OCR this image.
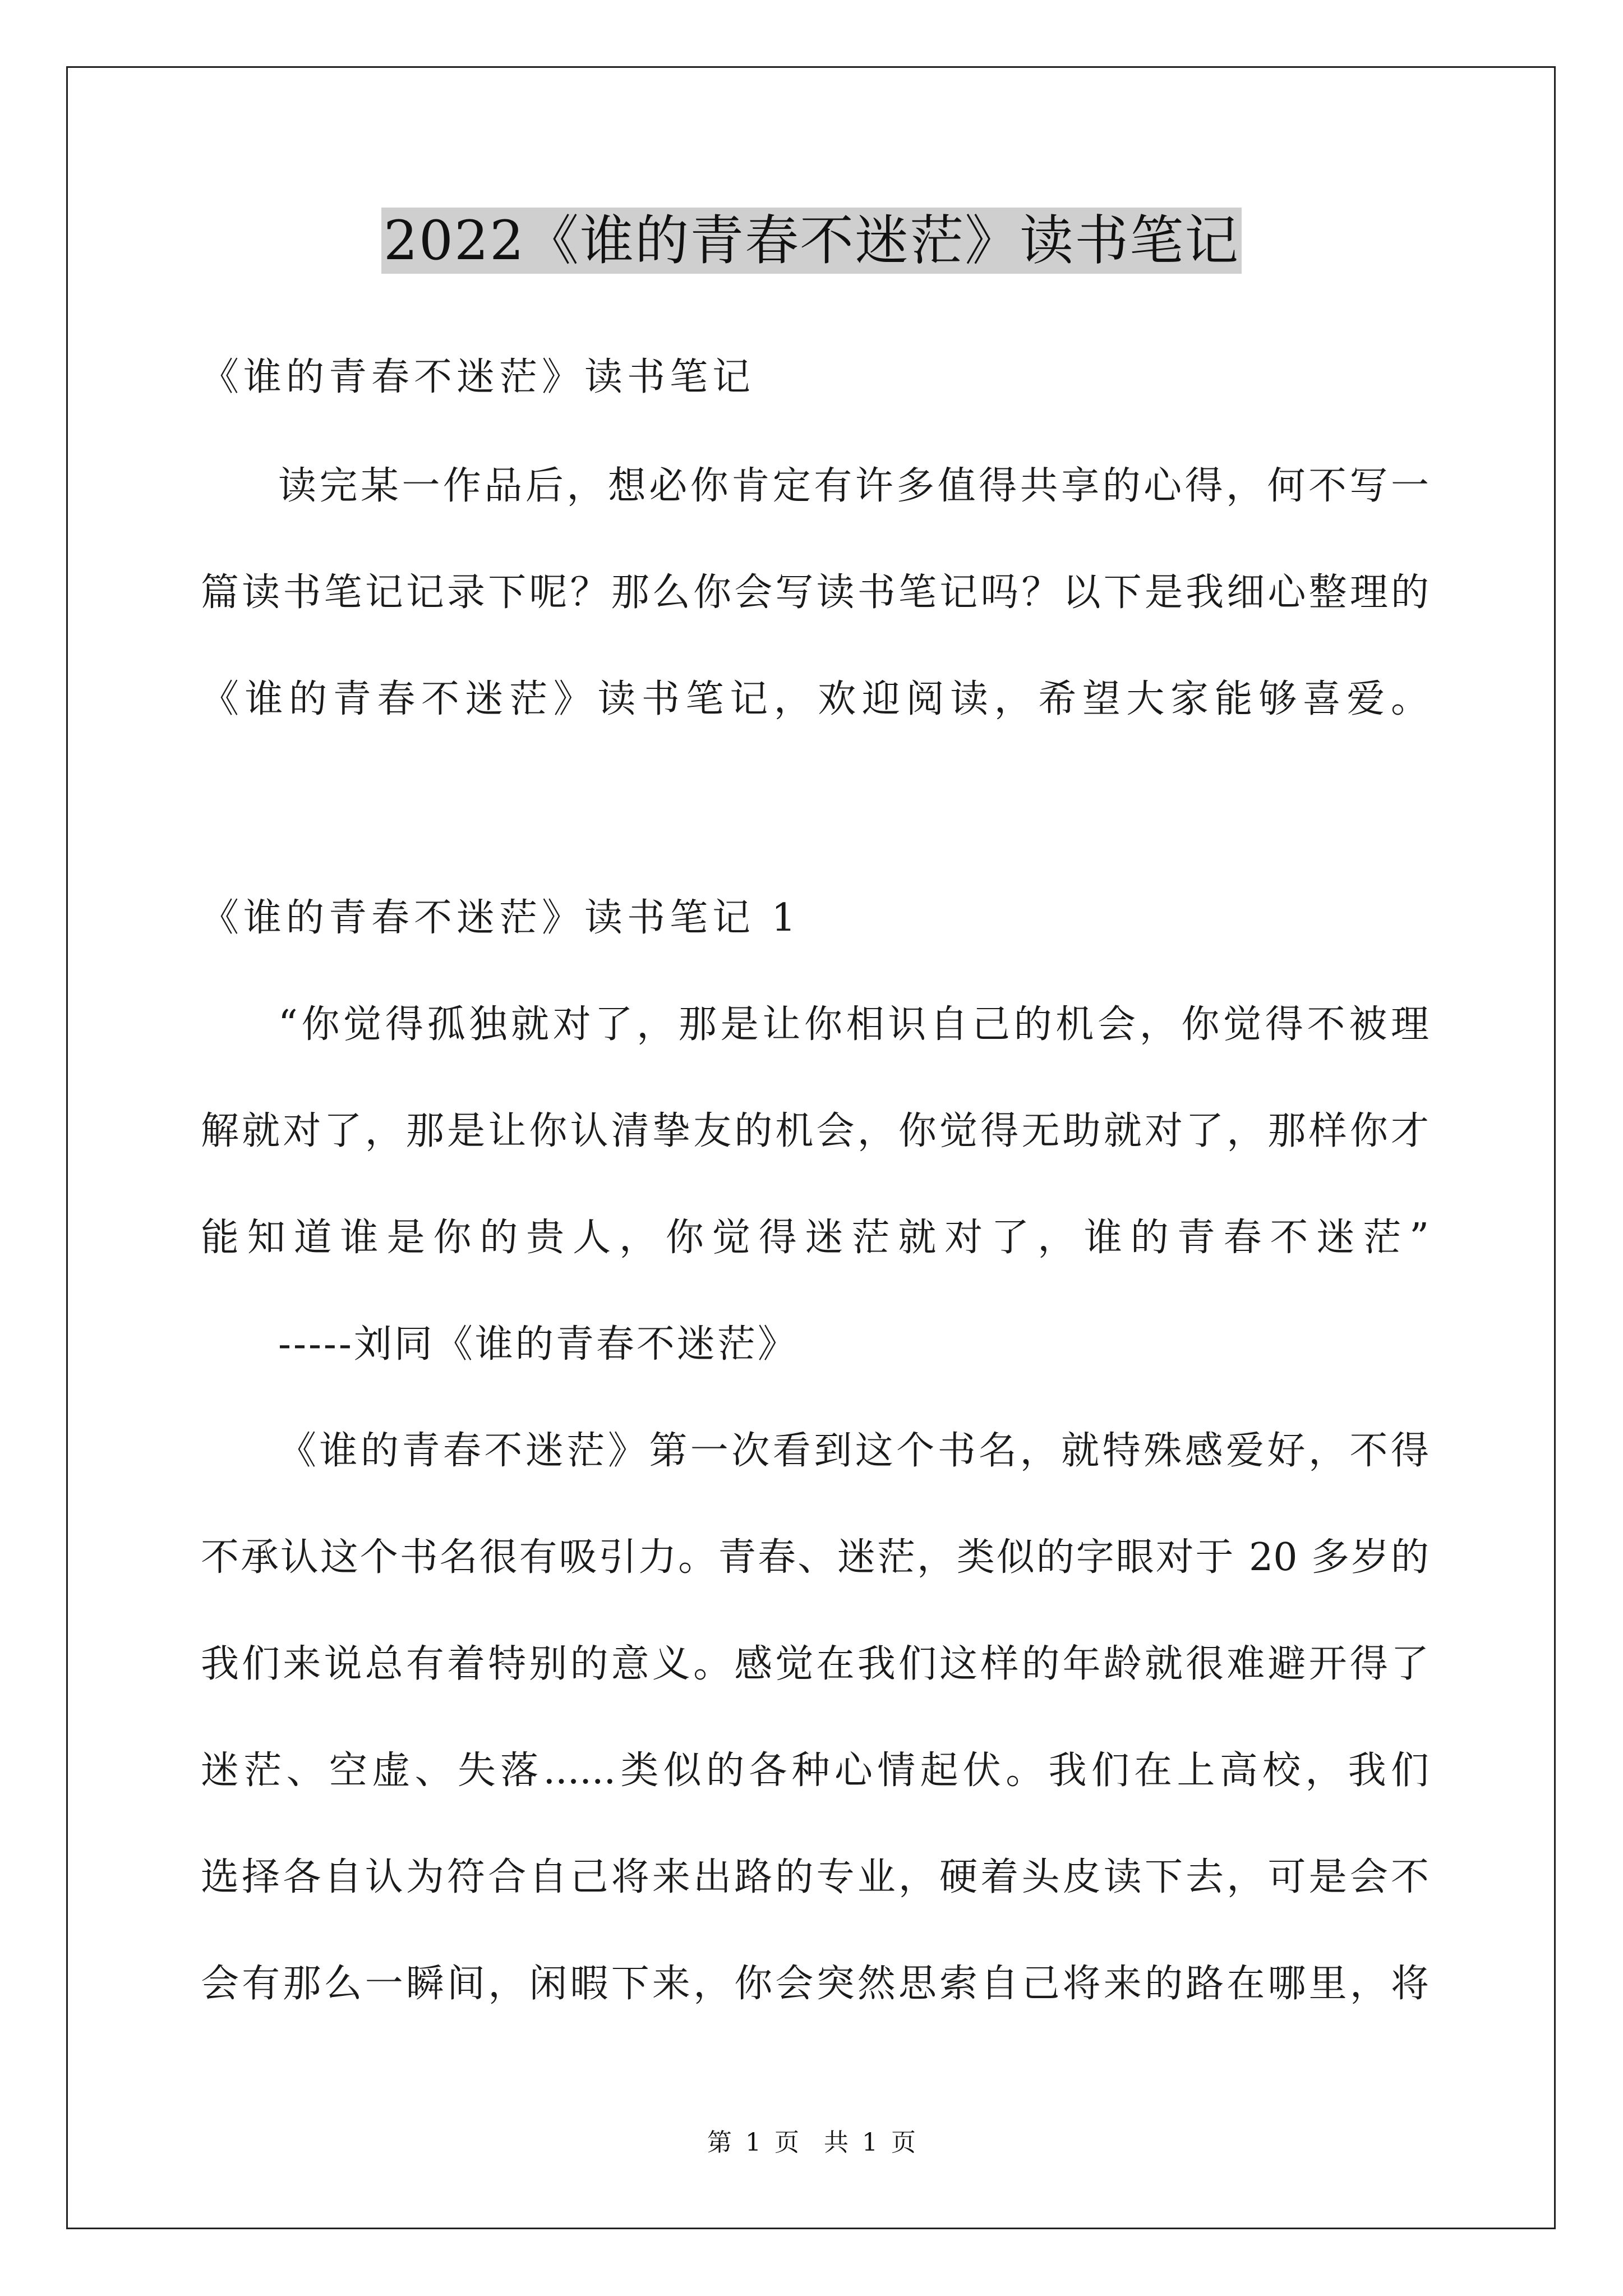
2022《谁的青春不迷茫》读书笔记
《谁的青春不迷茫》读书笔记
读完某一作品后，想必你肯定有许多值得共享的心得，何不写一
篇读书笔记记录下呢？那么你会写读书笔记吗？以下是我细心整理的
《谁的青春不迷茫》读书笔记，欢迎阅读，希望大家能够喜爱。
《谁的青春不迷茫》读书笔记 1
“你觉得孤独就对了，那是让你相识自己的机会，你觉得不被理
解就对了，那是让你认清挚友的机会，你觉得无助就对了，那样你才
能知道谁是你的贵人，你觉得迷茫就对了，谁的青春不迷茫”
-----刘同《谁的青春不迷茫》
《谁的青春不迷茫》第一次看到这个书名，就特殊感爱好，不得
不承认这个书名很有吸引力。青春、迷茫，类似的字眼对于 20 多岁的
我们来说总有着特别的意义。感觉在我们这样的年龄就很难避开得了
迷茫、空虚、失落......类似的各种心情起伏。我们在上高校，我们
选择各自认为符合自己将来出路的专业，硬着头皮读下去，可是会不
会有那么一瞬间，闲暇下来，你会突然思索自己将来的路在哪里，将
第 1 页　共 1 页
